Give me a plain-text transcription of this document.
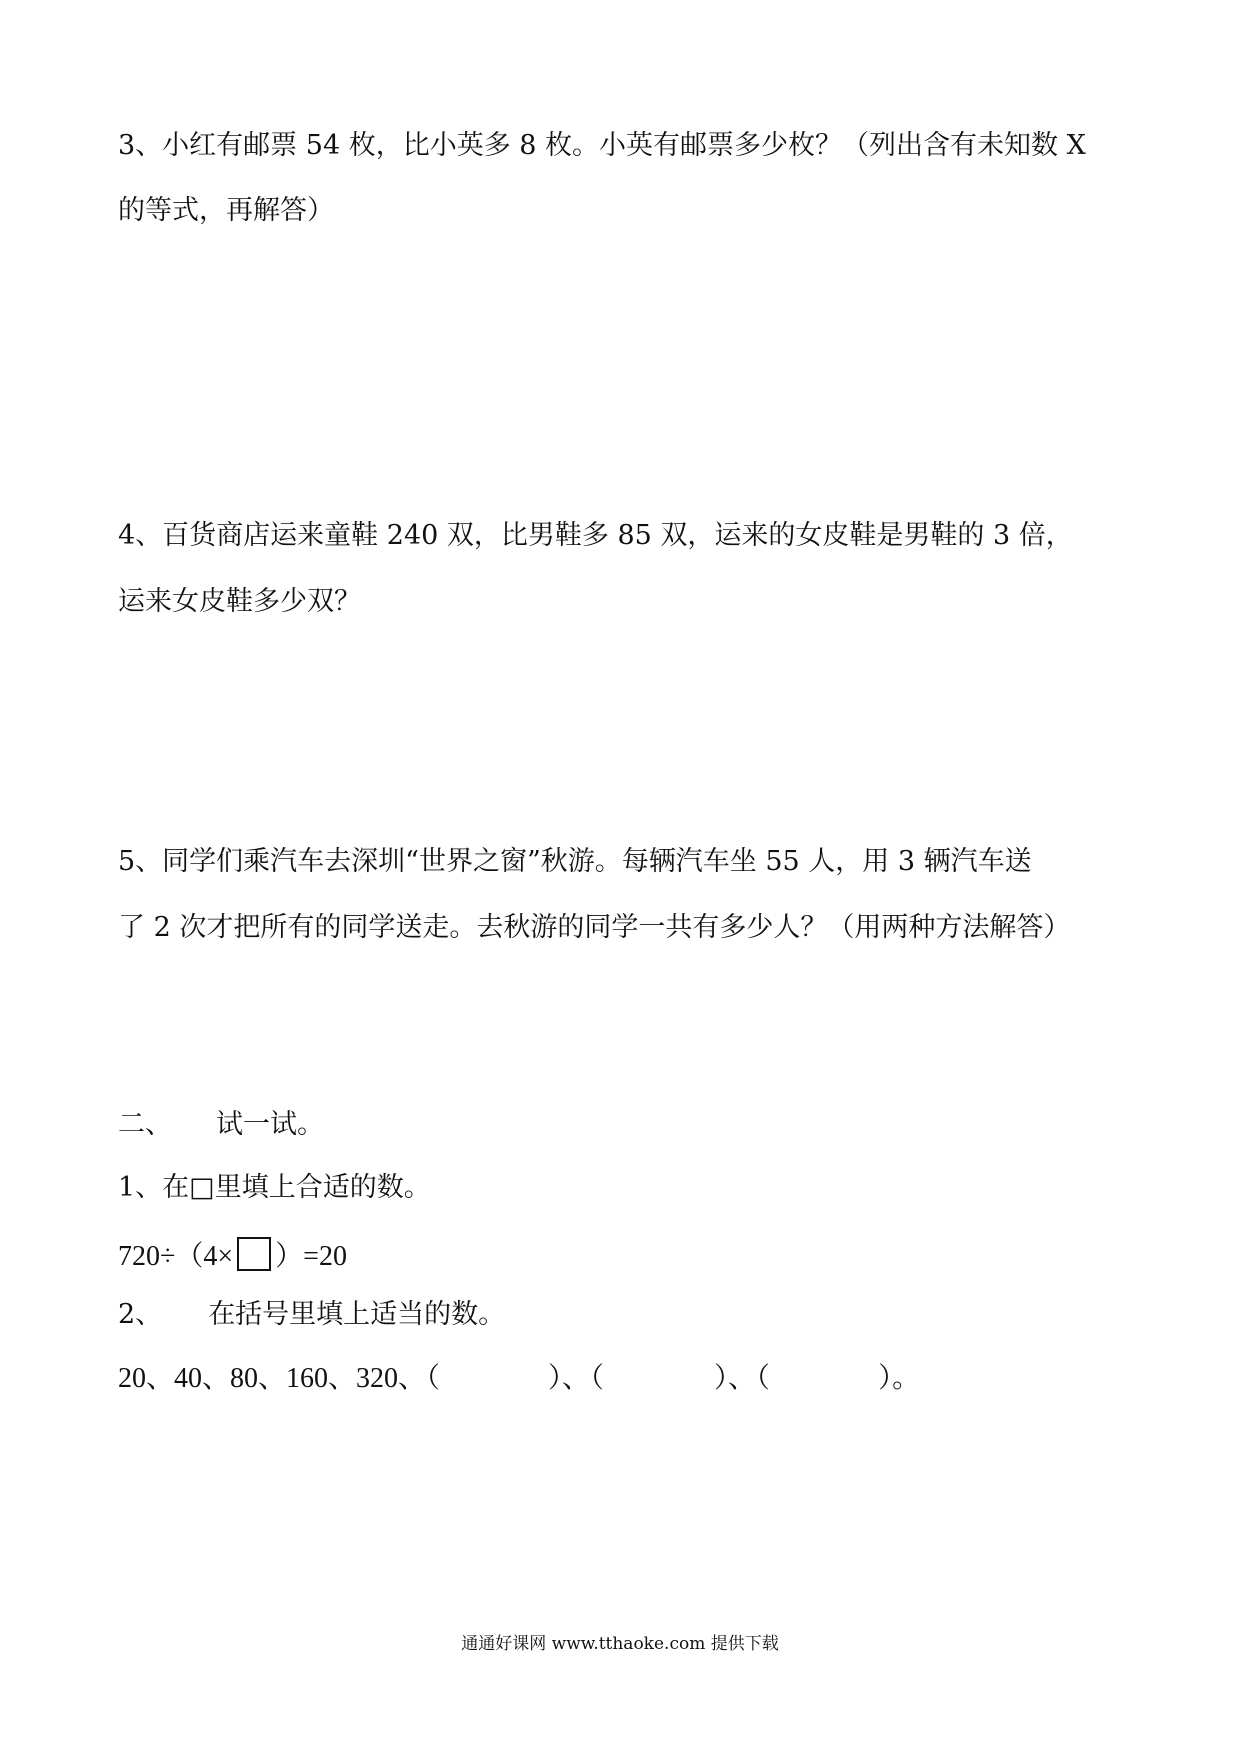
3、小红有邮票 54 枚，比小英多 8 枚。小英有邮票多少枚？（列出含有未知数 X
的等式，再解答）
4、百货商店运来童鞋 240 双，比男鞋多 85 双，运来的女皮鞋是男鞋的 3 倍，
运来女皮鞋多少双？
5、同学们乘汽车去深圳“世界之窗”秋游。每辆汽车坐 55 人，用 3 辆汽车送
了 2 次才把所有的同学送走。去秋游的同学一共有多少人？（用两种方法解答）
二、 试一试。
1、在□里填上合适的数。
720÷（4× ）=20
2、 在括号里填上适当的数。
20、40、80、160、320、（	）、（	）、（	）。
通通好课网 www.tthaoke.com 提供下载
